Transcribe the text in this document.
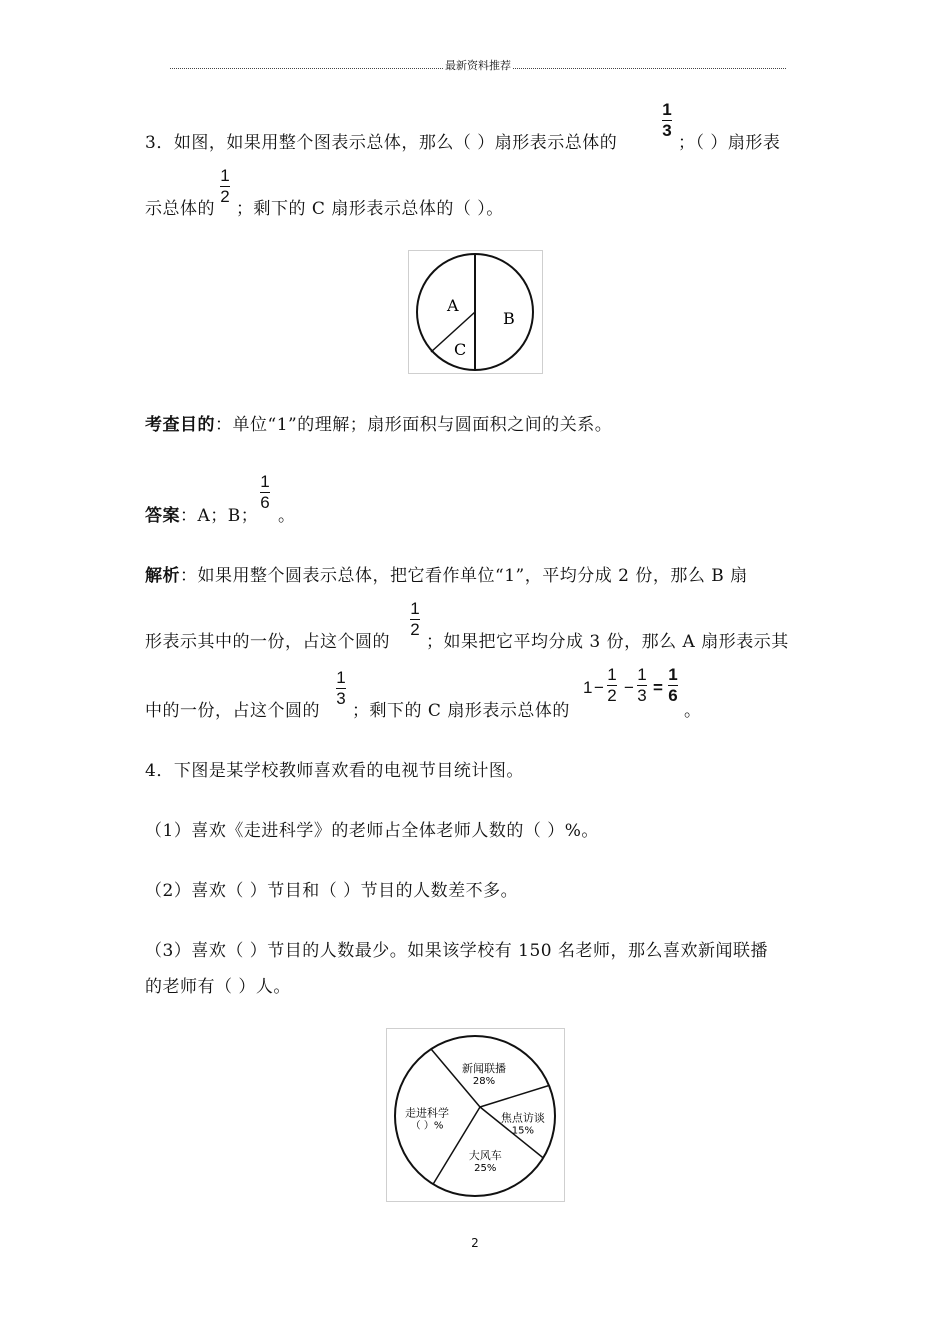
最新资料推荐
3．如图，如果用整个图表示总体，那么（ ）扇形表示总体的
1
3
；（ ）扇形表
示总体的
1
2
；剩下的 C 扇形表示总体的（ ）。
A
B
C
考查目的：单位“1”的理解；扇形面积与圆面积之间的关系。
答案：A；B；
1
6
。
解析：如果用整个圆表示总体，把它看作单位“1”，平均分成 2 份，那么 B 扇
形表示其中的一份，占这个圆的
1
2
；如果把它平均分成 3 份，那么 A 扇形表示其
中的一份，占这个圆的
1
3
；剩下的 C 扇形表示总体的
1 −
1
2 −
1
3 =
1
6
。
4．下图是某学校教师喜欢看的电视节目统计图。
（1）喜欢《走进科学》的老师占全体老师人数的（ ）%。
（2）喜欢（ ）节目和（ ）节目的人数差不多。
（3）喜欢（ ）节目的人数最少。如果该学校有 150 名老师，那么喜欢新闻联播
的老师有（ ）人。
新闻联播
28%
焦点访谈
15%
大风车
25%
走进科学
（ ）%
2
